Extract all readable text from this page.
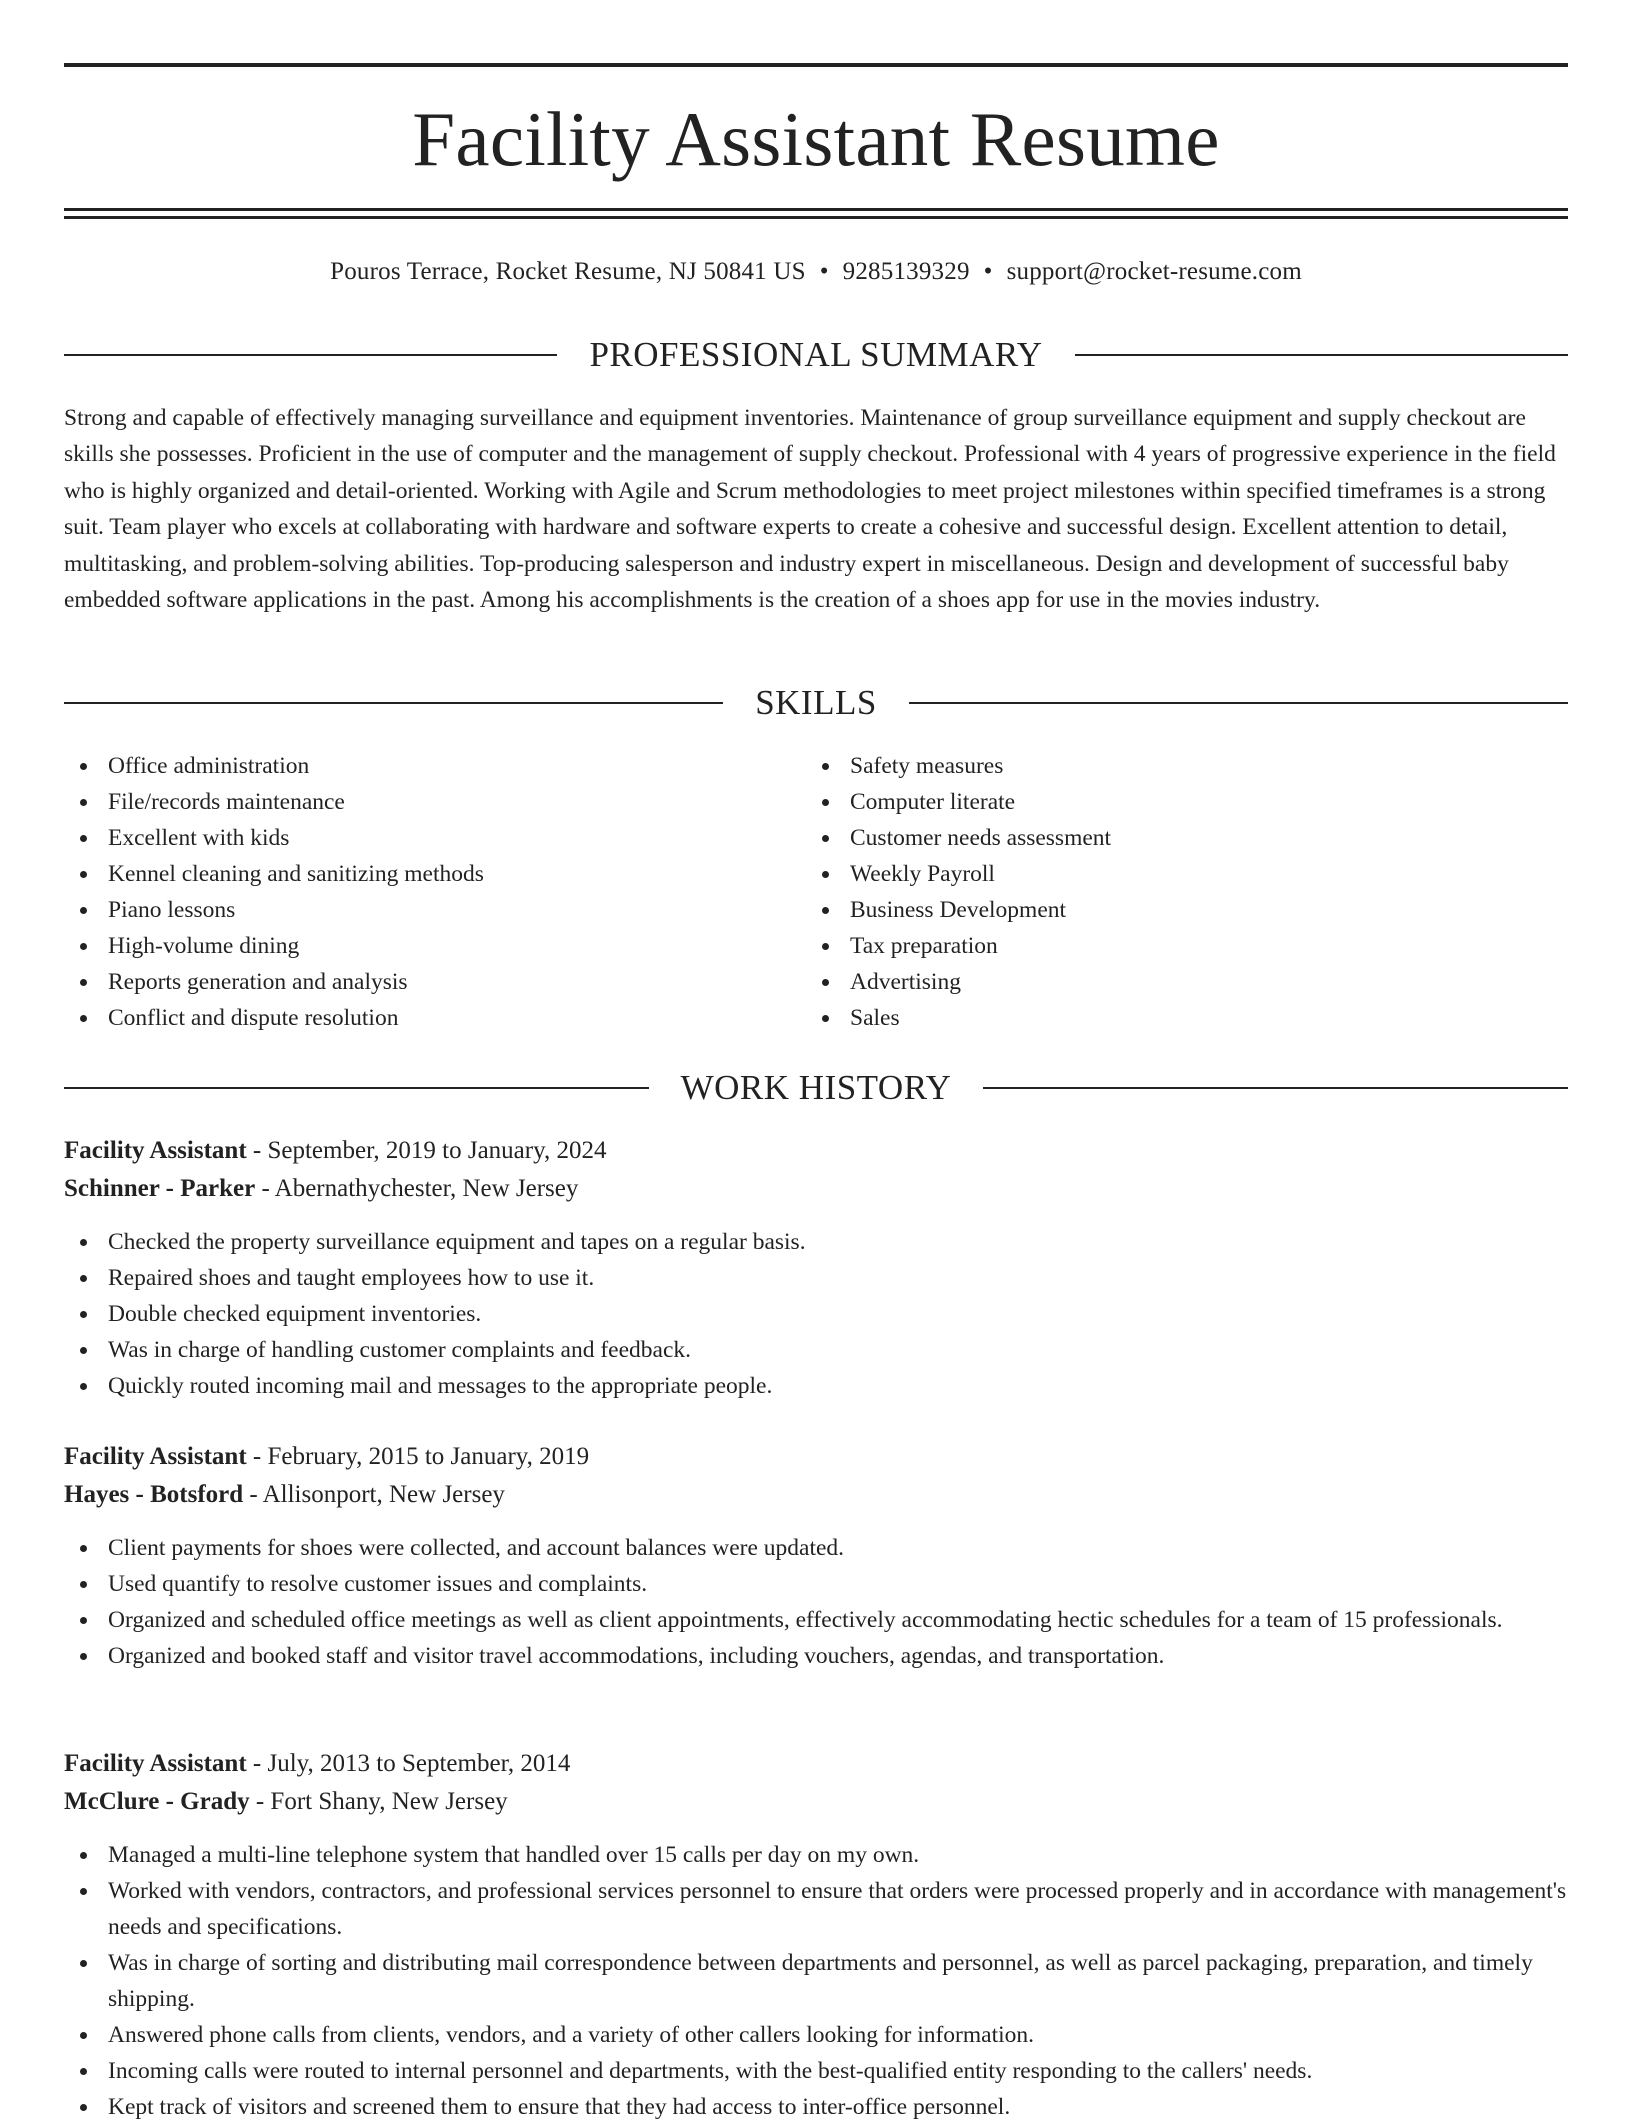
Facility Assistant Resume
Pouros Terrace, Rocket Resume, NJ 50841 US • 9285139329 • support@rocket-resume.com
PROFESSIONAL SUMMARY

Strong and capable of effectively managing surveillance and equipment inventories. Maintenance of group surveillance equipment and supply checkout are skills she possesses. Proficient in the use of computer and the management of supply checkout. Professional with 4 years of progressive experience in the field who is highly organized and detail-oriented. Working with Agile and Scrum methodologies to meet project milestones within specified timeframes is a strong suit. Team player who excels at collaborating with hardware and software experts to create a cohesive and successful design. Excellent attention to detail, multitasking, and problem-solving abilities. Top-producing salesperson and industry expert in miscellaneous. Design and development of successful baby embedded software applications in the past. Among his accomplishments is the creation of a shoes app for use in the movies industry.

SKILLS
Office administration
File/records maintenance
Excellent with kids
Kennel cleaning and sanitizing methods
Piano lessons
High-volume dining
Reports generation and analysis
Conflict and dispute resolution
Safety measures
Computer literate
Customer needs assessment
Weekly Payroll
Business Development
Tax preparation
Advertising
Sales
WORK HISTORY
Facility Assistant - September, 2019 to January, 2024
Schinner - Parker - Abernathychester, New Jersey
Checked the property surveillance equipment and tapes on a regular basis.
Repaired shoes and taught employees how to use it.
Double checked equipment inventories.
Was in charge of handling customer complaints and feedback.
Quickly routed incoming mail and messages to the appropriate people.
Facility Assistant - February, 2015 to January, 2019
Hayes - Botsford - Allisonport, New Jersey
Client payments for shoes were collected, and account balances were updated.
Used quantify to resolve customer issues and complaints.
Organized and scheduled office meetings as well as client appointments, effectively accommodating hectic schedules for a team of 15 professionals.
Organized and booked staff and visitor travel accommodations, including vouchers, agendas, and transportation.
Facility Assistant - July, 2013 to September, 2014
McClure - Grady - Fort Shany, New Jersey
Managed a multi-line telephone system that handled over 15 calls per day on my own.
Worked with vendors, contractors, and professional services personnel to ensure that orders were processed properly and in accordance with management's needs and specifications.
Was in charge of sorting and distributing mail correspondence between departments and personnel, as well as parcel packaging, preparation, and timely shipping.
Answered phone calls from clients, vendors, and a variety of other callers looking for information.
Incoming calls were routed to internal personnel and departments, with the best-qualified entity responding to the callers' needs.
Kept track of visitors and screened them to ensure that they had access to inter-office personnel.
